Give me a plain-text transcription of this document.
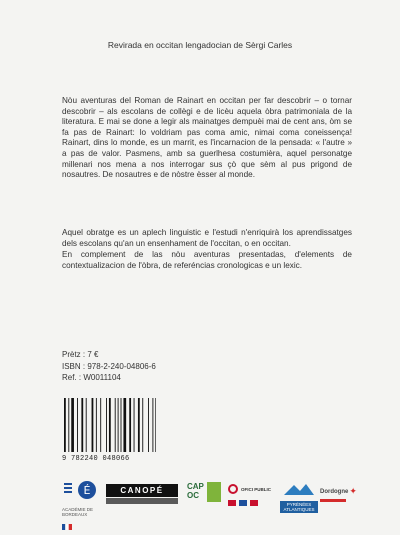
Revirada en occitan lengadocian de Sèrgi Carles
Nòu aventuras del Roman de Rainart en occitan per far descobrir – o tornar descobrir – als escolans de collègi e de licèu aquela òbra patrimoniala de la literatura. E mai se done a legir als mainatges dempuèi mai de cent ans, òm se fa pas de Rainart: lo voldriam pas coma amic, nimai coma coneissença! Rainart, dins lo monde, es un marrit, es l'incarnacion de la pensada: « l'autre » a pas de valor. Pasmens, amb sa guerlhesa costumièra, aquel personatge millenari nos mena a nos interrogar sus çò que sèm al pus prigond de nosautres. De nosautres e de nòstre èsser al monde.
Aquel obratge es un aplech linguistic e l'estudi n'enriquirà los aprendissatges dels escolans qu'an un ensenhament de l'occitan, o en occitan.
En complement de las nòu aventuras presentadas, d'elements de contextualizacion de l'òbra, de referéncias cronologicas e un lexic.
Prètz : 7 €
ISBN : 978-2-240-04806-6
Ref. : W0011104
9 782240 048066
É
ACADÉMIE DE BORDEAUX
CANOPÉ	CAP
OC
OFICI PUBLIC
PYRÉNÉES ATLANTIQUES
Dordogne ✦
